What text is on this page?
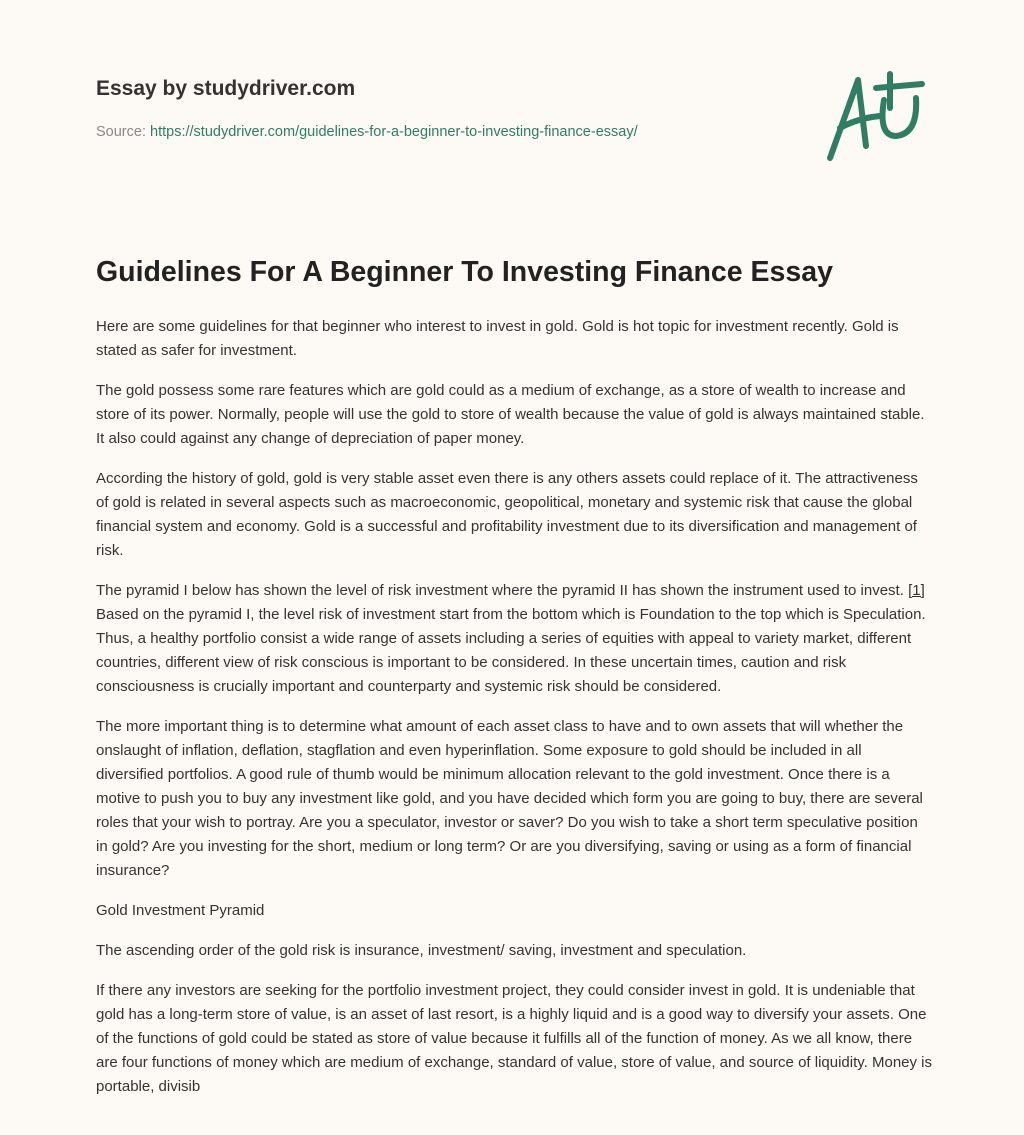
Essay by studydriver.com

Source: https://studydriver.com/guidelines-for-a-beginner-to-investing-finance-essay/
Guidelines For A Beginner To Investing Finance Essay

Here are some guidelines for that beginner who interest to invest in gold. Gold is hot topic for investment recently. Gold is stated as safer for investment.

The gold possess some rare features which are gold could as a medium of exchange, as a store of wealth to increase and store of its power. Normally, people will use the gold to store of wealth because the value of gold is always maintained stable. It also could against any change of depreciation of paper money.

According the history of gold, gold is very stable asset even there is any others assets could replace of it. The attractiveness of gold is related in several aspects such as macroeconomic, geopolitical, monetary and systemic risk that cause the global financial system and economy. Gold is a successful and profitability investment due to its diversification and management of risk.

The pyramid I below has shown the level of risk investment where the pyramid II has shown the instrument used to invest. [1] Based on the pyramid I, the level risk of investment start from the bottom which is Foundation to the top which is Speculation. Thus, a healthy portfolio consist a wide range of assets including a series of equities with appeal to variety market, different countries, different view of risk conscious is important to be considered. In these uncertain times, caution and risk consciousness is crucially important and counterparty and systemic risk should be considered.

The more important thing is to determine what amount of each asset class to have and to own assets that will whether the onslaught of inflation, deflation, stagflation and even hyperinflation. Some exposure to gold should be included in all diversified portfolios. A good rule of thumb would be minimum allocation relevant to the gold investment. Once there is a motive to push you to buy any investment like gold, and you have decided which form you are going to buy, there are several roles that your wish to portray. Are you a speculator, investor or saver? Do you wish to take a short term speculative position in gold? Are you investing for the short, medium or long term? Or are you diversifying, saving or using as a form of financial insurance?

Gold Investment Pyramid

The ascending order of the gold risk is insurance, investment/ saving, investment and speculation.

If there any investors are seeking for the portfolio investment project, they could consider invest in gold. It is undeniable that gold has a long-term store of value, is an asset of last resort, is a highly liquid and is a good way to diversify your assets. One of the functions of gold could be stated as store of value because it fulfills all of the function of money. As we all know, there are four functions of money which are medium of exchange, standard of value, store of value, and source of liquidity. Money is portable, divisib
